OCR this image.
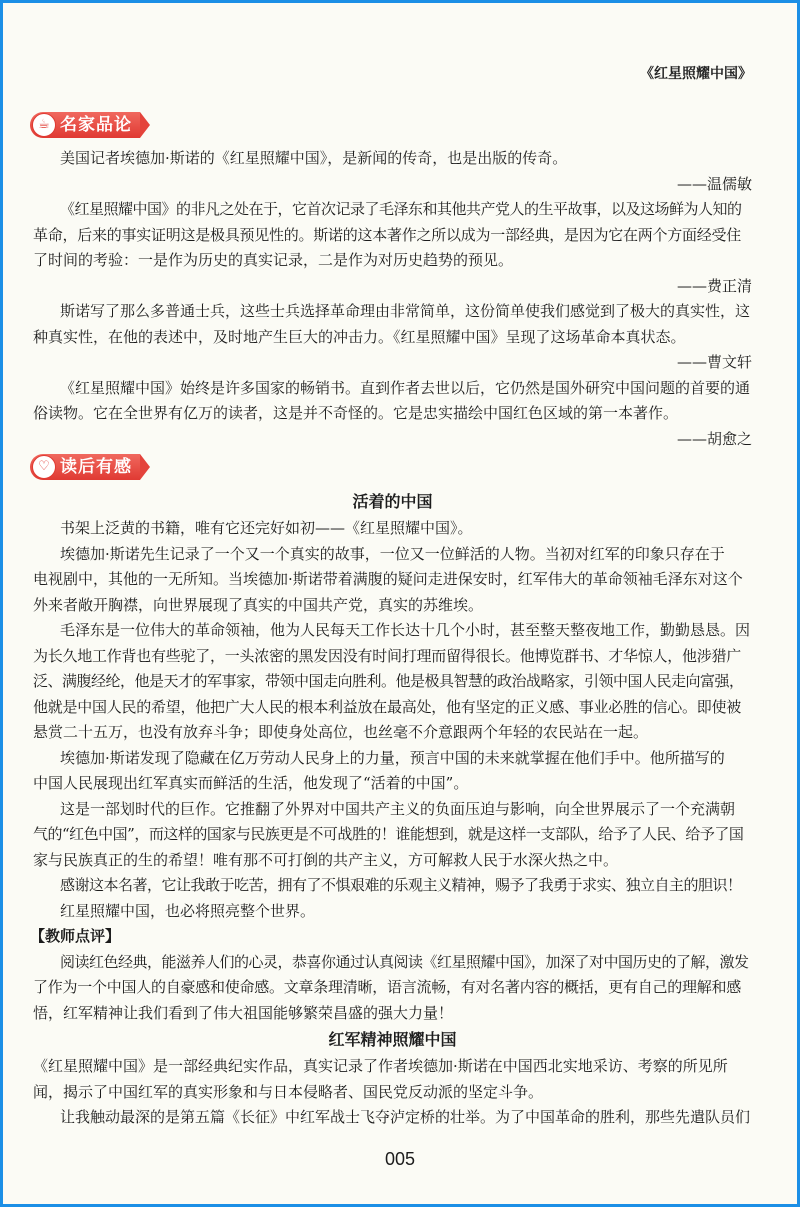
《红星照耀中国》
☕ 名家品论
美国记者埃德加·斯诺的《红星照耀中国》，是新闻的传奇，也是出版的传奇。
——温儒敏
《红星照耀中国》的非凡之处在于，它首次记录了毛泽东和其他共产党人的生平故事，以及这场鲜为人知的
革命，后来的事实证明这是极具预见性的。斯诺的这本著作之所以成为一部经典，是因为它在两个方面经受住
了时间的考验：一是作为历史的真实记录，二是作为对历史趋势的预见。
——费正清
斯诺写了那么多普通士兵，这些士兵选择革命理由非常简单，这份简单使我们感觉到了极大的真实性，这
种真实性，在他的表述中，及时地产生巨大的冲击力。《红星照耀中国》呈现了这场革命本真状态。
——曹文轩
《红星照耀中国》始终是许多国家的畅销书。直到作者去世以后，它仍然是国外研究中国问题的首要的通
俗读物。它在全世界有亿万的读者，这是并不奇怪的。它是忠实描绘中国红色区域的第一本著作。
——胡愈之
♡ 读后有感
活着的中国
书架上泛黄的书籍，唯有它还完好如初——《红星照耀中国》。
埃德加·斯诺先生记录了一个又一个真实的故事，一位又一位鲜活的人物。当初对红军的印象只存在于
电视剧中，其他的一无所知。当埃德加·斯诺带着满腹的疑问走进保安时，红军伟大的革命领袖毛泽东对这个
外来者敞开胸襟，向世界展现了真实的中国共产党，真实的苏维埃。
毛泽东是一位伟大的革命领袖，他为人民每天工作长达十几个小时，甚至整天整夜地工作，勤勤恳恳。因
为长久地工作背也有些驼了，一头浓密的黑发因没有时间打理而留得很长。他博览群书、才华惊人，他涉猎广
泛、满腹经纶，他是天才的军事家，带领中国走向胜利。他是极具智慧的政治战略家，引领中国人民走向富强，
他就是中国人民的希望，他把广大人民的根本利益放在最高处，他有坚定的正义感、事业必胜的信心。即使被
悬赏二十五万，也没有放弃斗争；即使身处高位，也丝毫不介意跟两个年轻的农民站在一起。
埃德加·斯诺发现了隐藏在亿万劳动人民身上的力量，预言中国的未来就掌握在他们手中。他所描写的
中国人民展现出红军真实而鲜活的生活，他发现了“活着的中国”。
这是一部划时代的巨作。它推翻了外界对中国共产主义的负面压迫与影响，向全世界展示了一个充满朝
气的“红色中国”，而这样的国家与民族更是不可战胜的！谁能想到，就是这样一支部队，给予了人民、给予了国
家与民族真正的生的希望！唯有那不可打倒的共产主义，方可解救人民于水深火热之中。
感谢这本名著，它让我敢于吃苦，拥有了不惧艰难的乐观主义精神，赐予了我勇于求实、独立自主的胆识！
红星照耀中国，也必将照亮整个世界。
【教师点评】
阅读红色经典，能滋养人们的心灵，恭喜你通过认真阅读《红星照耀中国》，加深了对中国历史的了解，激发
了作为一个中国人的自豪感和使命感。文章条理清晰，语言流畅，有对名著内容的概括，更有自己的理解和感
悟，红军精神让我们看到了伟大祖国能够繁荣昌盛的强大力量！
红军精神照耀中国
《红星照耀中国》是一部经典纪实作品，真实记录了作者埃德加·斯诺在中国西北实地采访、考察的所见所
闻，揭示了中国红军的真实形象和与日本侵略者、国民党反动派的坚定斗争。
让我触动最深的是第五篇《长征》中红军战士飞夺泸定桥的壮举。为了中国革命的胜利，那些先遣队员们
005
